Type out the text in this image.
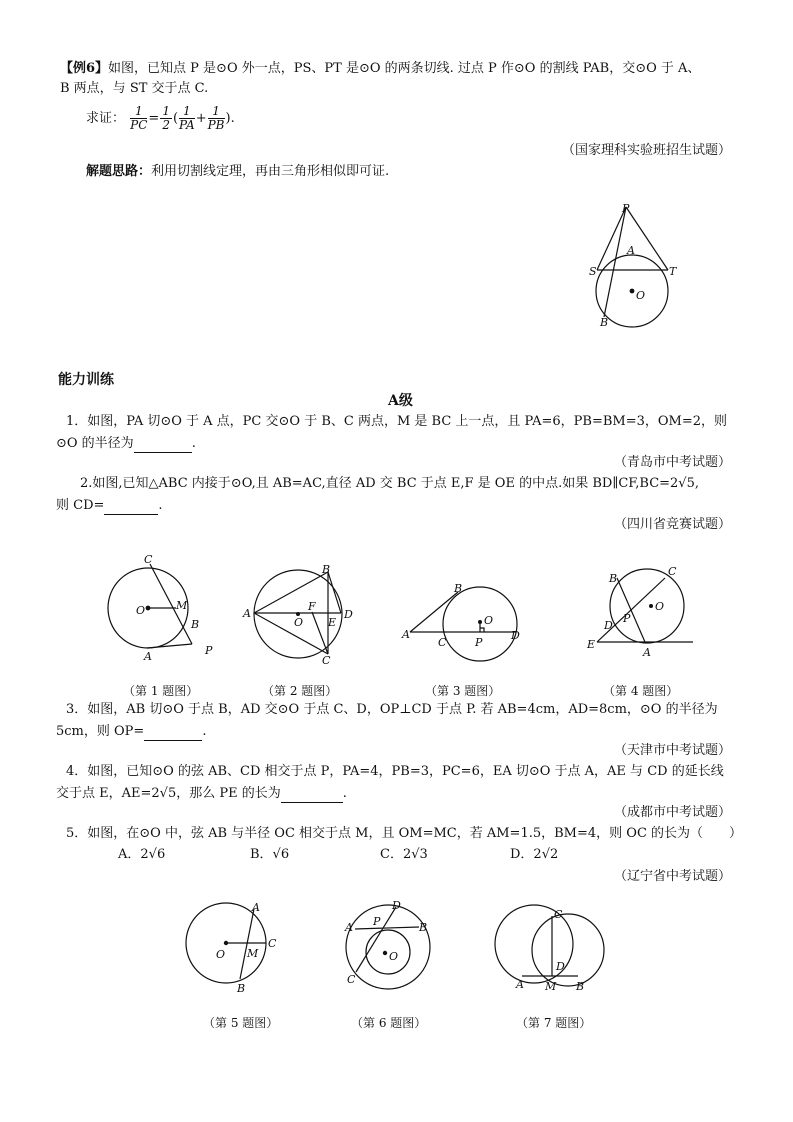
【例6】如图，已知点 P 是⊙O 外一点，PS、PT 是⊙O 的两条切线. 过点 P 作⊙O 的割线 PAB，交⊙O 于 A、
B 两点，与 ST 交于点 C.
求证： $\frac{1}{PC} = \frac{1}{2}$ ( $\frac{1}{PA} + \frac{1}{PB}$ ).
（国家理科实验班招生试题）
解题思路：利用切割线定理，再由三角形相似即可证.
P
A
S	T
O
B
能力训练
A级
1．如图，PA 切⊙O 于 A 点，PC 交⊙O 于 B、C 两点，M 是 BC 上一点，且 PA=6，PB=BM=3，OM=2，则
⊙O 的半径为	.
（青岛市中考试题）
2.如图,已知△ABC 内接于⊙O,且 AB=AC,直径 AD 交 BC 于点 E,F 是 OE 的中点.如果 BD∥CF,BC=2√5,
则 CD=	.
（四川省竞赛试题）
C
O	M
B
A	P
（第 1 题图）
B
A
F
O
D
E
C
（第 2 题图）
B
O
A
C	P
D
（第 3 题图）
B
C
O
P
D
E
A
（第 4 题图）
3．如图，AB 切⊙O 于点 B，AD 交⊙O 于点 C、D，OP⊥CD 于点 P. 若 AB=4cm，AD=8cm，⊙O 的半径为
5cm，则 OP=	.
（天津市中考试题）
4．如图，已知⊙O 的弦 AB、CD 相交于点 P，PA=4，PB=3，PC=6，EA 切⊙O 于点 A，AE 与 CD 的延长线
交于点 E，AE=2√5，那么 PE 的长为	.
（成都市中考试题）
5．如图，在⊙O 中，弦 AB 与半径 OC 相交于点 M，且 OM=MC，若 AM=1.5，BM=4，则 OC 的长为（　　）
A．2√6	B．√6	C．2√3	D．2√2
（辽宁省中考试题）
A
C
O M
B
（第 5 题图）
D
P
A	B
O
C
（第 6 题图）
C
D
A M B
（第 7 题图）
